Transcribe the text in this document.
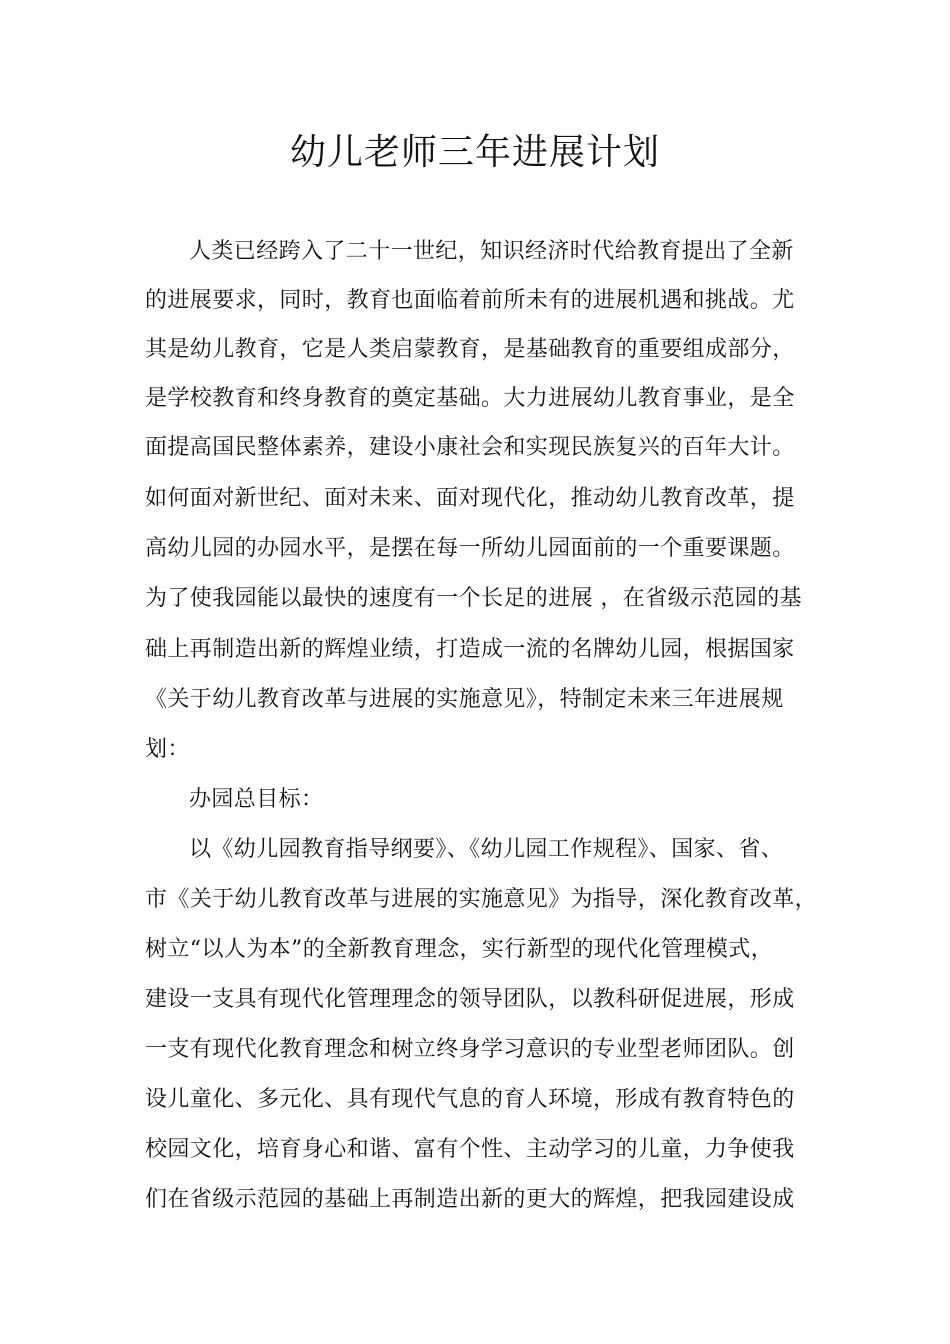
幼儿老师三年进展计划
人类已经跨入了二十一世纪，知识经济时代给教育提出了全新
的进展要求，同时，教育也面临着前所未有的进展机遇和挑战。尤
其是幼儿教育，它是人类启蒙教育，是基础教育的重要组成部分，
是学校教育和终身教育的奠定基础。大力进展幼儿教育事业，是全
面提高国民整体素养，建设小康社会和实现民族复兴的百年大计。
如何面对新世纪、面对未来、面对现代化，推动幼儿教育改革，提
高幼儿园的办园水平，是摆在每一所幼儿园面前的一个重要课题。
为了使我园能以最快的速度有一个长足的进展 ，在省级示范园的基
础上再制造出新的辉煌业绩，打造成一流的名牌幼儿园，根据国家
《关于幼儿教育改革与进展的实施意见》，特制定未来三年进展规
划：
办园总目标：
以《幼儿园教育指导纲要》、《幼儿园工作规程》、国家、省、
市《关于幼儿教育改革与进展的实施意见》为指导，深化教育改革，
树立“以人为本”的全新教育理念，实行新型的现代化管理模式，
建设一支具有现代化管理理念的领导团队，以教科研促进展，形成
一支有现代化教育理念和树立终身学习意识的专业型老师团队。创
设儿童化、多元化、具有现代气息的育人环境，形成有教育特色的
校园文化，培育身心和谐、富有个性、主动学习的儿童，力争使我
们在省级示范园的基础上再制造出新的更大的辉煌，把我园建设成
